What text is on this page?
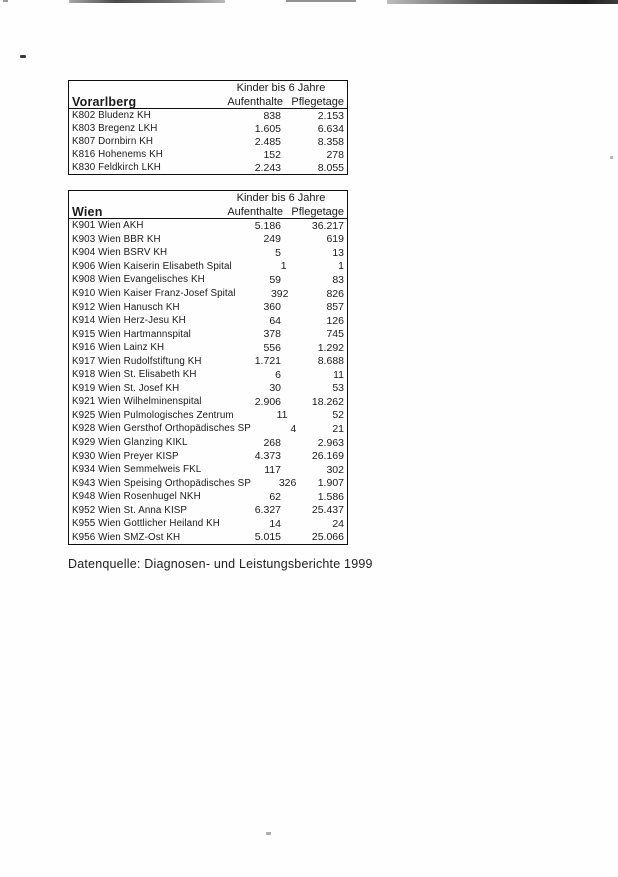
Kinder bis 6 Jahre
Vorarlberg	Aufenthalte Pflegetage
K802 Bludenz KH	838	2.153
K803 Bregenz LKH	1.605	6.634
K807 Dornbirn KH	2.485	8.358
K816 Hohenems KH	152	278
K830 Feldkirch LKH	2.243	8.055
Kinder bis 6 Jahre
Wien	Aufenthalte Pflegetage
K901 Wien AKH	5.186	36.217
K903 Wien BBR KH	249	619
K904 Wien BSRV KH	5	13
K906 Wien Kaiserin Elisabeth Spital	1	1
K908 Wien Evangelisches KH	59	83
K910 Wien Kaiser Franz-Josef Spital	392	826
K912 Wien Hanusch KH	360	857
K914 Wien Herz-Jesu KH	64	126
K915 Wien Hartmannspital	378	745
K916 Wien Lainz KH	556	1.292
K917 Wien Rudolfstiftung KH	1.721	8.688
K918 Wien St. Elisabeth KH	6	11
K919 Wien St. Josef KH	30	53
K921 Wien Wilhelminenspital	2.906	18.262
K925 Wien Pulmologisches Zentrum	11	52
K928 Wien Gersthof Orthopädisches SP	4	21
K929 Wien Glanzing KIKL	268	2.963
K930 Wien Preyer KISP	4.373	26.169
K934 Wien Semmelweis FKL	117	302
K943 Wien Speising Orthopädisches SP	326	1.907
K948 Wien Rosenhugel NKH	62	1.586
K952 Wien St. Anna KISP	6.327	25.437
K955 Wien Gottlicher Heiland KH	14	24
K956 Wien SMZ-Ost KH	5.015	25.066
Datenquelle: Diagnosen- und Leistungsberichte 1999
